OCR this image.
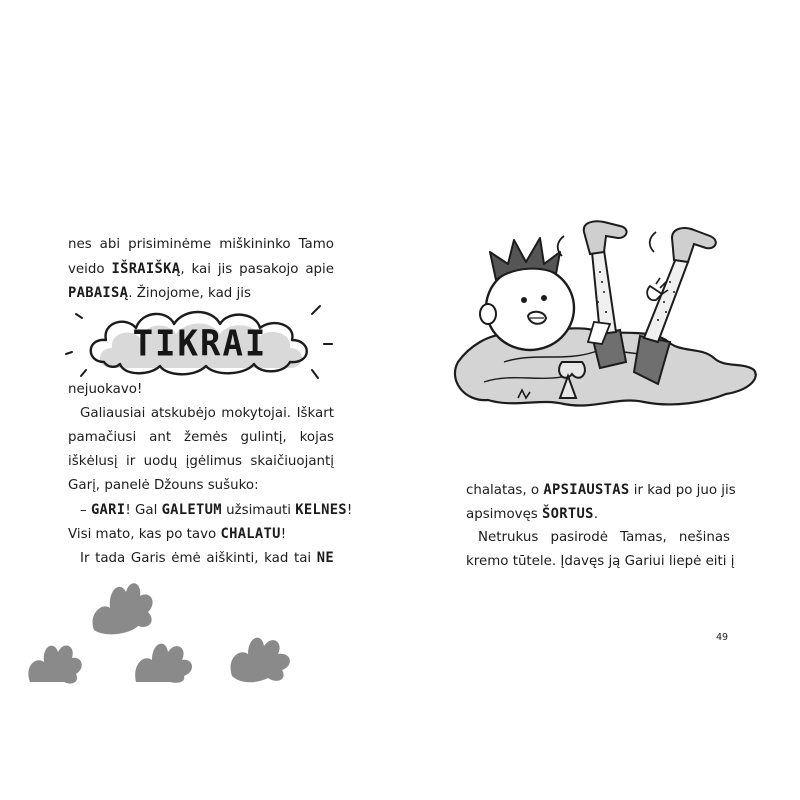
nes abi prisiminėme miškininko Tamo
veido IŠRAIŠKĄ, kai jis pasakojo apie
PABAISĄ. Žinojome, kad jis
TIKRAI
nejuokavo!
Galiausiai atskubėjo mokytojai. Iškart
pamačiusi ant žemės gulintį, kojas
iškėlusį ir uodų įgėlimus skaičiuojantį
Garį, panelė Džouns sušuko:
– GARI! Gal GALETUM užsimauti KELNES!
Visi mato, kas po tavo CHALATU!
Ir tada Garis ėmė aiškinti, kad tai NE
chalatas, o APSIAUSTAS ir kad po juo jis
apsimovęs ŠORTUS.
Netrukus pasirodė Tamas, nešinas
kremo tūtele. Įdavęs ją Gariui liepė eiti į
49
